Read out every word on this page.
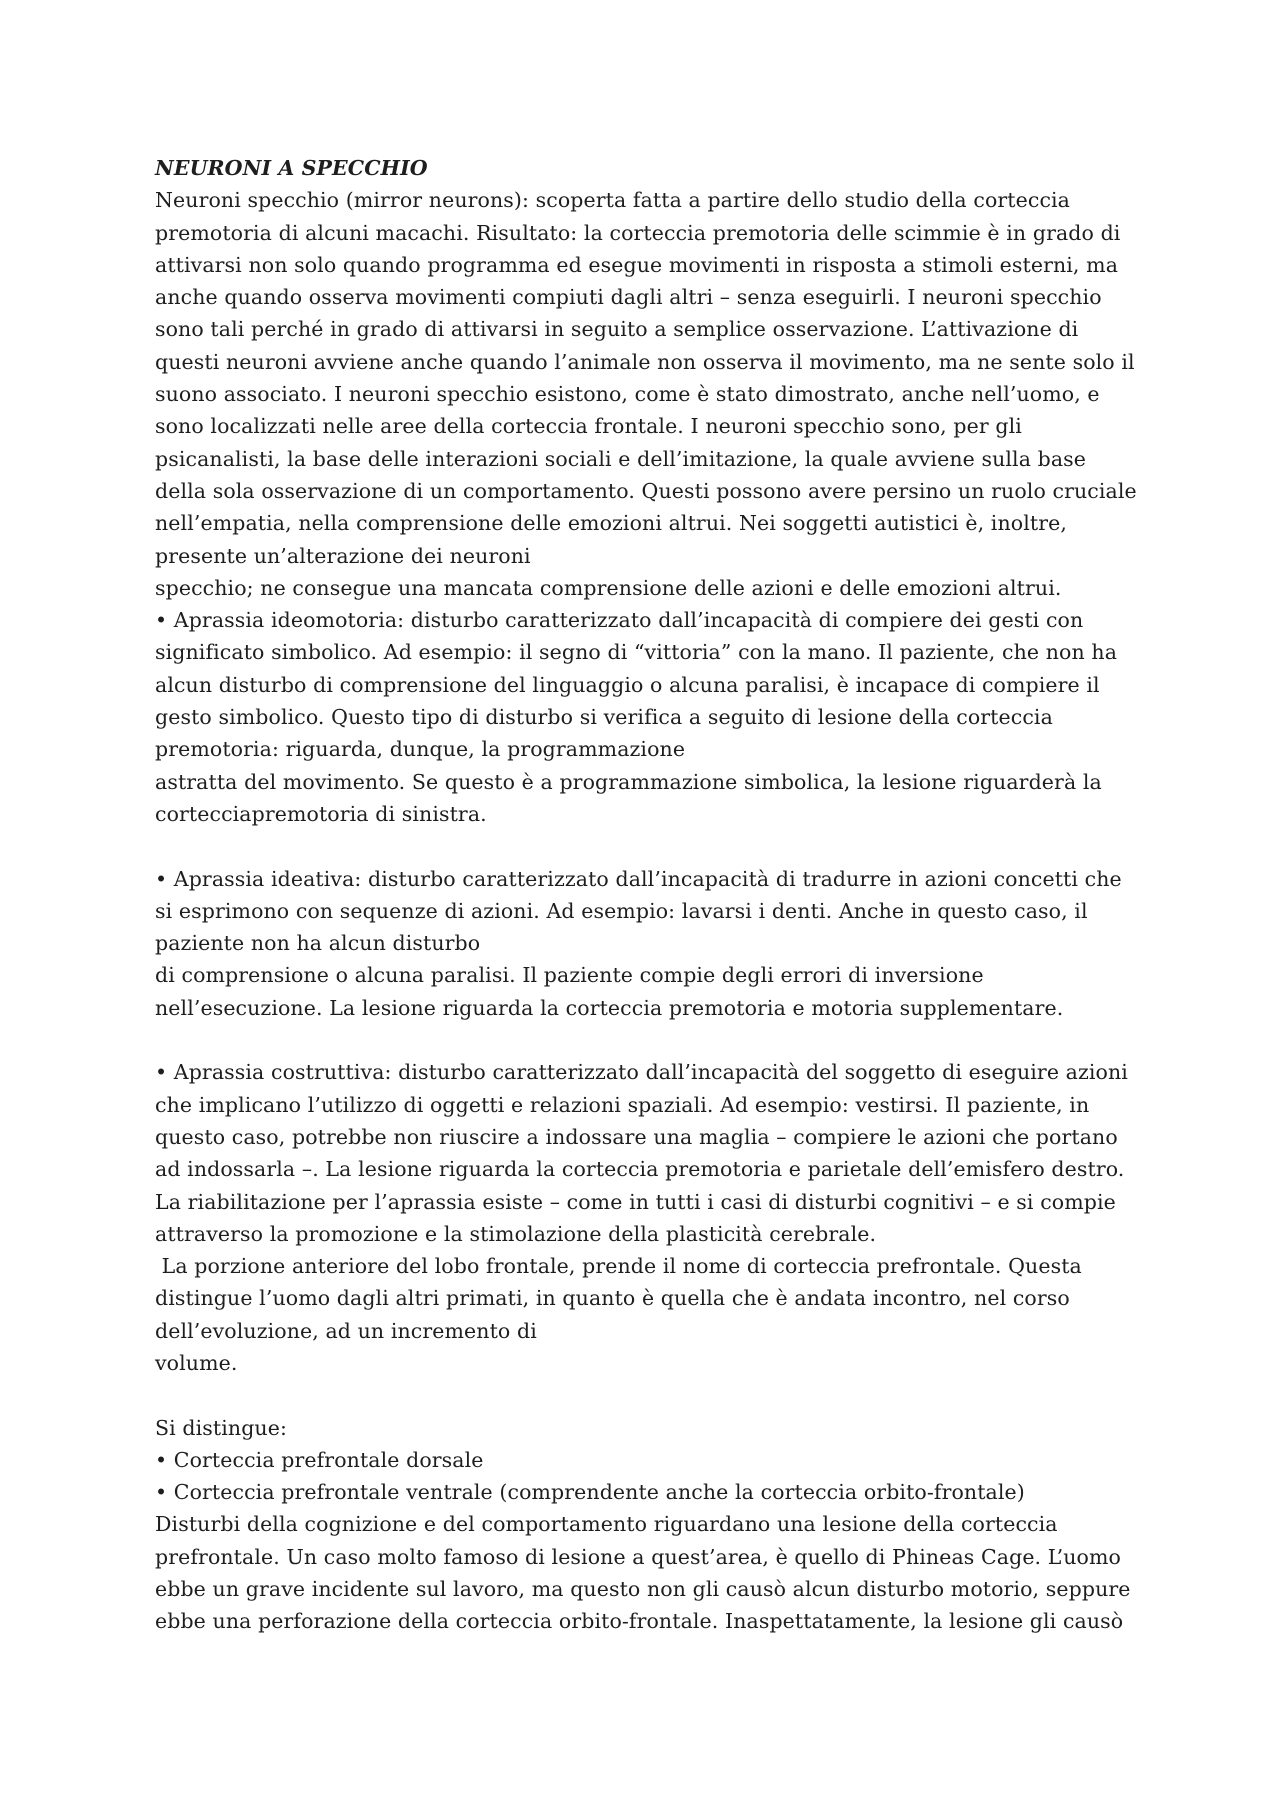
NEURONI A SPECCHIO
Neuroni specchio (mirror neurons): scoperta fatta a partire dello studio della corteccia
premotoria di alcuni macachi. Risultato: la corteccia premotoria delle scimmie è in grado di
attivarsi non solo quando programma ed esegue movimenti in risposta a stimoli esterni, ma
anche quando osserva movimenti compiuti dagli altri – senza eseguirli. I neuroni specchio
sono tali perché in grado di attivarsi in seguito a semplice osservazione. L’attivazione di
questi neuroni avviene anche quando l’animale non osserva il movimento, ma ne sente solo il
suono associato. I neuroni specchio esistono, come è stato dimostrato, anche nell’uomo, e
sono localizzati nelle aree della corteccia frontale. I neuroni specchio sono, per gli
psicanalisti, la base delle interazioni sociali e dell’imitazione, la quale avviene sulla base
della sola osservazione di un comportamento. Questi possono avere persino un ruolo cruciale
nell’empatia, nella comprensione delle emozioni altrui. Nei soggetti autistici è, inoltre,
presente un’alterazione dei neuroni
specchio; ne consegue una mancata comprensione delle azioni e delle emozioni altrui.
• Aprassia ideomotoria: disturbo caratterizzato dall’incapacità di compiere dei gesti con
significato simbolico. Ad esempio: il segno di “vittoria” con la mano. Il paziente, che non ha
alcun disturbo di comprensione del linguaggio o alcuna paralisi, è incapace di compiere il
gesto simbolico. Questo tipo di disturbo si verifica a seguito di lesione della corteccia
premotoria: riguarda, dunque, la programmazione
astratta del movimento. Se questo è a programmazione simbolica, la lesione riguarderà la
cortecciapremotoria di sinistra.
• Aprassia ideativa: disturbo caratterizzato dall’incapacità di tradurre in azioni concetti che
si esprimono con sequenze di azioni. Ad esempio: lavarsi i denti. Anche in questo caso, il
paziente non ha alcun disturbo
di comprensione o alcuna paralisi. Il paziente compie degli errori di inversione
nell’esecuzione. La lesione riguarda la corteccia premotoria e motoria supplementare.
• Aprassia costruttiva: disturbo caratterizzato dall’incapacità del soggetto di eseguire azioni
che implicano l’utilizzo di oggetti e relazioni spaziali. Ad esempio: vestirsi. Il paziente, in
questo caso, potrebbe non riuscire a indossare una maglia – compiere le azioni che portano
ad indossarla –. La lesione riguarda la corteccia premotoria e parietale dell’emisfero destro.
La riabilitazione per l’aprassia esiste – come in tutti i casi di disturbi cognitivi – e si compie
attraverso la promozione e la stimolazione della plasticità cerebrale.
La porzione anteriore del lobo frontale, prende il nome di corteccia prefrontale. Questa
distingue l’uomo dagli altri primati, in quanto è quella che è andata incontro, nel corso
dell’evoluzione, ad un incremento di
volume.
Si distingue:
• Corteccia prefrontale dorsale
• Corteccia prefrontale ventrale (comprendente anche la corteccia orbito-frontale)
Disturbi della cognizione e del comportamento riguardano una lesione della corteccia
prefrontale. Un caso molto famoso di lesione a quest’area, è quello di Phineas Cage. L’uomo
ebbe un grave incidente sul lavoro, ma questo non gli causò alcun disturbo motorio, seppure
ebbe una perforazione della corteccia orbito-frontale. Inaspettatamente, la lesione gli causò
